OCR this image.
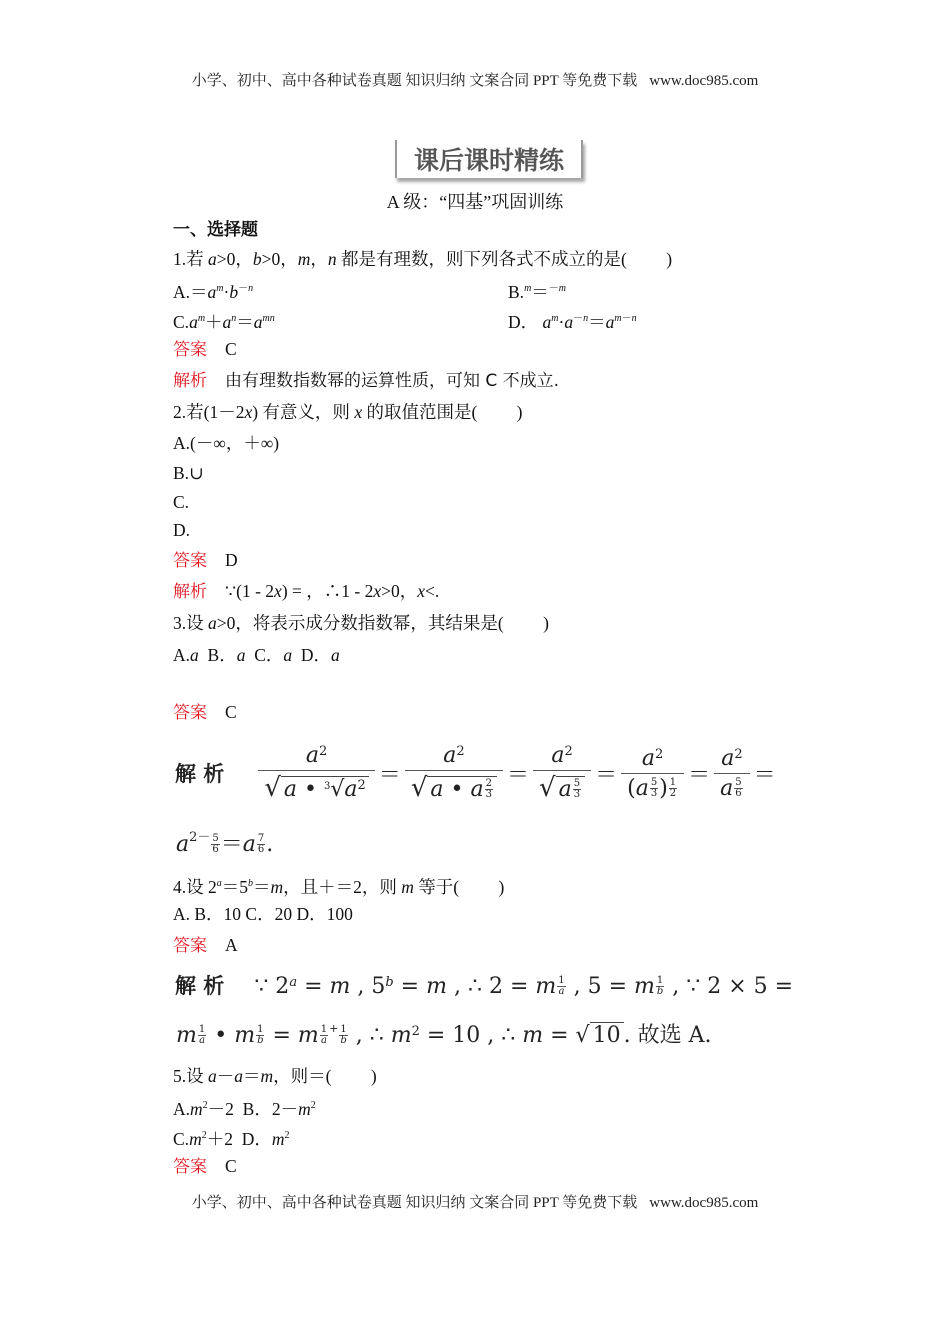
小学、初中、高中各种试卷真题 知识归纳 文案合同 PPT 等免费下载 www.doc985.com
课后课时精练
A 级：“四基”巩固训练
一、选择题
1.若 a>0，b>0，m，n 都是有理数，则下列各式不成立的是(　　 )
$A.=a^m\cdot b^{-n}$	B.$^m$＝$^{-m}$
$C.a^m+a^n=a^{mn}$	D． $a^m\cdot a^{-n}=a^{m-n}$
答案 C
解析 由有理数指数幂的运算性质，可知 C 不成立.
2.若(1－2x) 有意义，则 x 的取值范围是(　　 )
A.(－∞，＋∞)
B.∪
C.
D.
答案 D
解析 ∵(1 - 2x) = ，∴1 - 2x>0，x<.
3.设 a>0，将表示成分数指数幂，其结果是(　　 )
A.a  B．a  C．a  D．a
答案 C
解 析 $\frac{a^2}{√ a • ^3√a^2} = \frac{a^2}{√ a • a \frac{2}{3}} = \frac{a^2}{√ a \frac{5}{3}} = \frac{a^2}{(a \frac{5}{3} ) \frac{1}{2}} = \frac{a^2}{a \frac{5}{6}}$ ＝
$a^{2-} \frac{5}{6} =a \frac{7}{6}$ .
4.设 $2^a=5^b=m$，且＋＝2，则 m 等于(　　 )
A. B．10 C．20 D．100
答案 A
解 析 ∵ $2^a = m$ , $5^b = m$ , ∴ 2 = m $\frac{1}{a}$ , 5 = m $\frac{1}{b}$ , ∵ 2 × 5 =
m $\frac{1}{a}$ • m $\frac{1}{b} = m \frac{1}{a} ^+ \frac{1}{b}$ , ∴ $m^2 = 10$ , ∴ m = √ 10 . 故选 A.
5.设 a－a＝m，则＝(　　 )
$A.m^2-2$  B．$2-m^2$
$C.m^2+2$  D．$m^2$
答案 C
小学、初中、高中各种试卷真题 知识归纳 文案合同 PPT 等免费下载 www.doc985.com
